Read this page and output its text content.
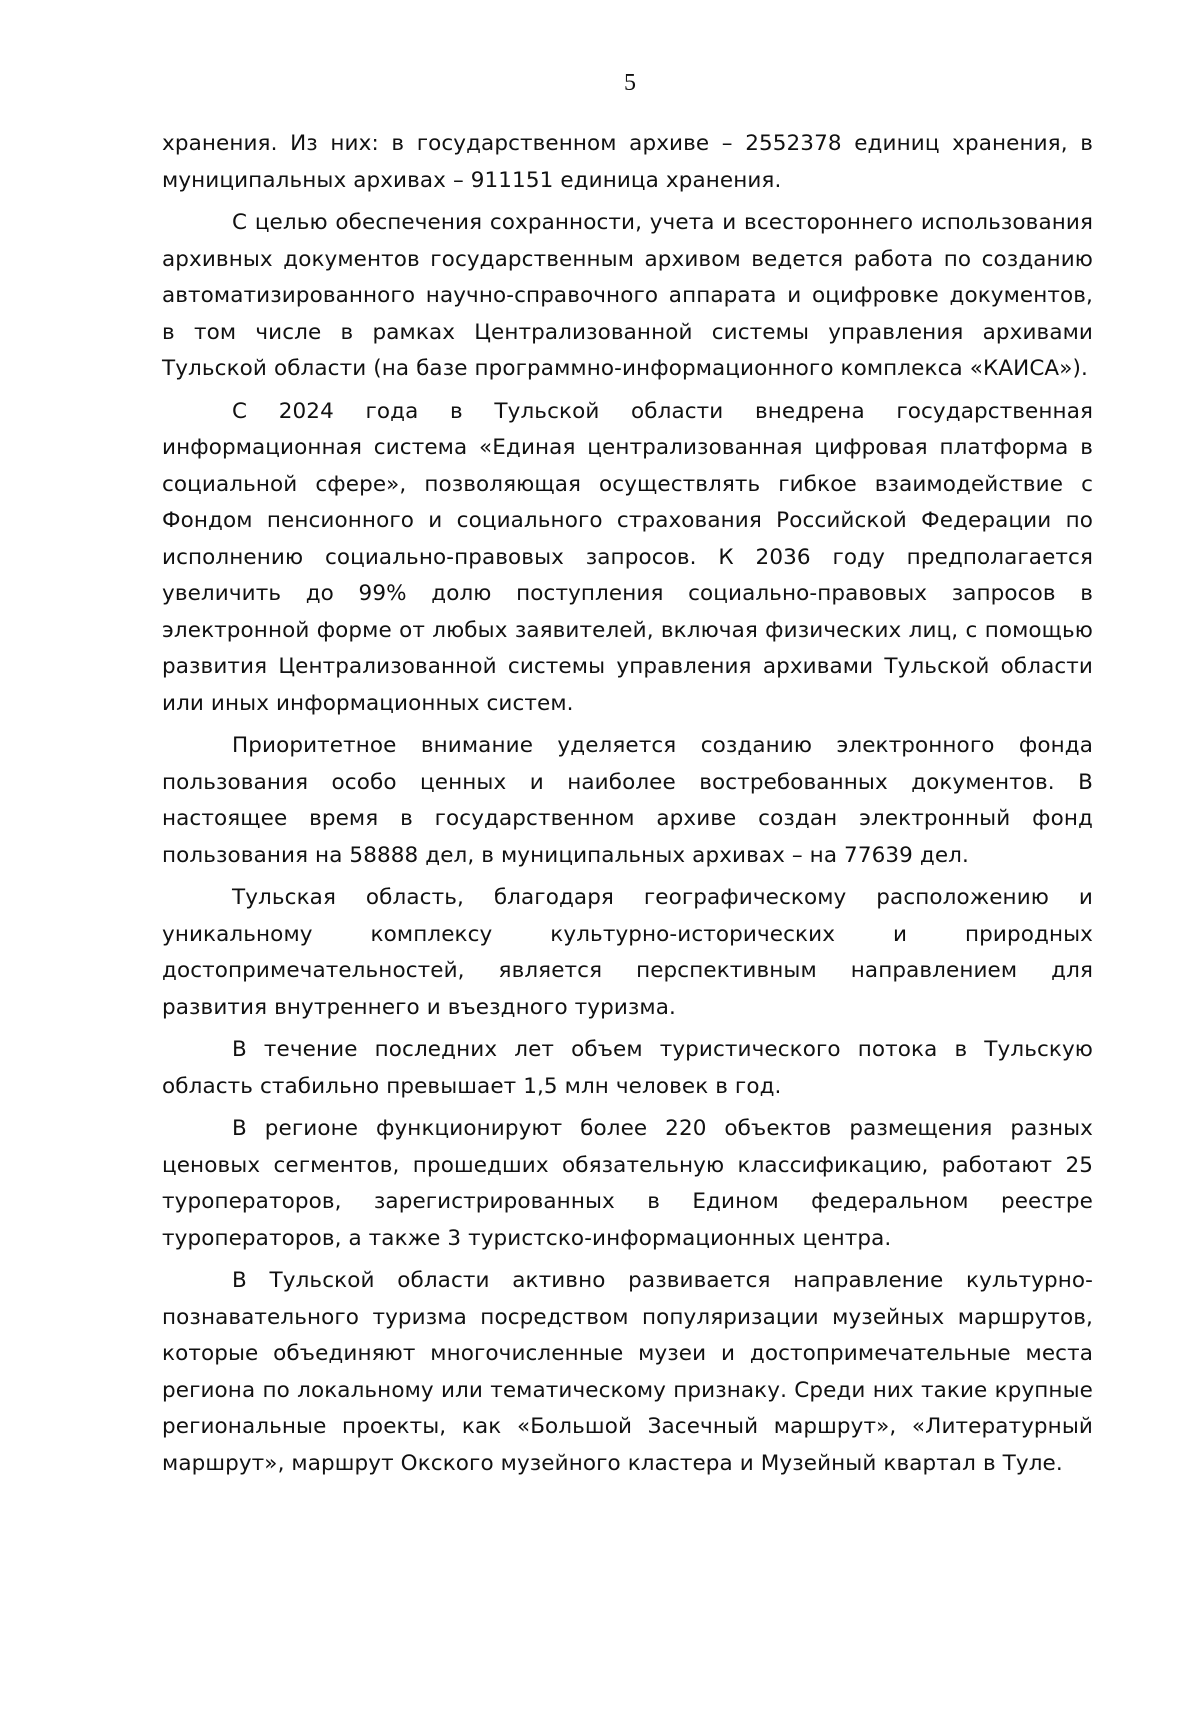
5

хранения. Из них: в государственном архиве – 2552378 единиц хранения, в муниципальных архивах – 911151 единица хранения.

С целью обеспечения сохранности, учета и всестороннего использования архивных документов государственным архивом ведется работа по созданию автоматизированного научно-справочного аппарата и оцифровке документов, в том числе в рамках Централизованной системы управления архивами Тульской области (на базе программно-информационного комплекса «КАИСА»).

С 2024 года в Тульской области внедрена государственная информационная система «Единая централизованная цифровая платформа в социальной сфере», позволяющая осуществлять гибкое взаимодействие с Фондом пенсионного и социального страхования Российской Федерации по исполнению социально-правовых запросов. К 2036 году предполагается увеличить до 99% долю поступления социально-правовых запросов в электронной форме от любых заявителей, включая физических лиц, с помощью развития Централизованной системы управления архивами Тульской области или иных информационных систем.

Приоритетное внимание уделяется созданию электронного фонда пользования особо ценных и наиболее востребованных документов. В настоящее время в государственном архиве создан электронный фонд пользования на 58888 дел, в муниципальных архивах – на 77639 дел.

Тульская область, благодаря географическому расположению и уникальному комплексу культурно-исторических и природных достопримечательностей, является перспективным направлением для развития внутреннего и въездного туризма.

В течение последних лет объем туристического потока в Тульскую область стабильно превышает 1,5 млн человек в год.

В регионе функционируют более 220 объектов размещения разных ценовых сегментов, прошедших обязательную классификацию, работают 25 туроператоров, зарегистрированных в Едином федеральном реестре туроператоров, а также 3 туристско-информационных центра.

В Тульской области активно развивается направление культурно-познавательного туризма посредством популяризации музейных маршрутов, которые объединяют многочисленные музеи и достопримечательные места региона по локальному или тематическому признаку. Среди них такие крупные региональные проекты, как «Большой Засечный маршрут», «Литературный маршрут», маршрут Окского музейного кластера и Музейный квартал в Туле.
